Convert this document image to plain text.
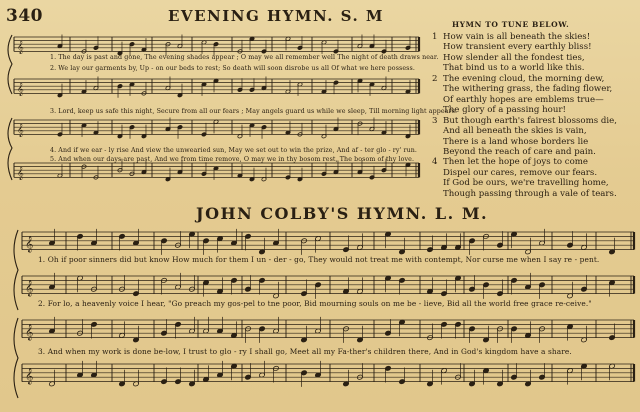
340	EVENING HYMN. S. M	HYMN TO TUNE BELOW.
1 How vain is all beneath the skies!
How transient every earthly bliss!
How slender all the fondest ties,
That bind us to a world like this.
2 The evening cloud, the morning dew,
The withering grass, the fading flower,
Of earthly hopes are emblems true—
The glory of a passing hour!
3 But though earth's fairest blossoms die,
And all beneath the skies is vain,
There is a land whose borders lie
Beyond the reach of care and pain.
4 Then let the hope of joys to come
Dispel our cares, remove our fears.
If God be ours, we're travelling home,
Though passing through a vale of tears.
JOHN COLBY'S HYMN. L. M.
𝄞
𝄞
𝄞
𝄞
𝄞
𝄞
𝄞
𝄞
1. The day is past and gone, The evening shades appear ; O may we all remember well The night of death draws near.
2. We lay our garments by, Up - on our beds to rest; So death will soon disrobe us all Of what we here possess.
3. Lord, keep us safe this night, Secure from all our fears ; May angels guard us while we sleep, Till morning light appears.
4. And if we ear - ly rise And view the unwearied sun, May we set out to win the prize, And af - ter glo - ry' run.
5. And when our days are past, And we from time remove, O may we in thy bosom rest, The bosom of thy love.
1. Oh if poor sinners did but know How much for them I un - der - go, They would not treat me with contempt, Nor curse me when I say re - pent.
2. For lo, a heavenly voice I hear, "Go preach my gos-pel to tne poor, Bid mourning souls on me be - lieve, Bid all the world free grace re-ceive."
3. And when my work is done be-low, I trust to glo - ry I shall go, Meet all my Fa-ther's children there, And in God's kingdom have a share.
